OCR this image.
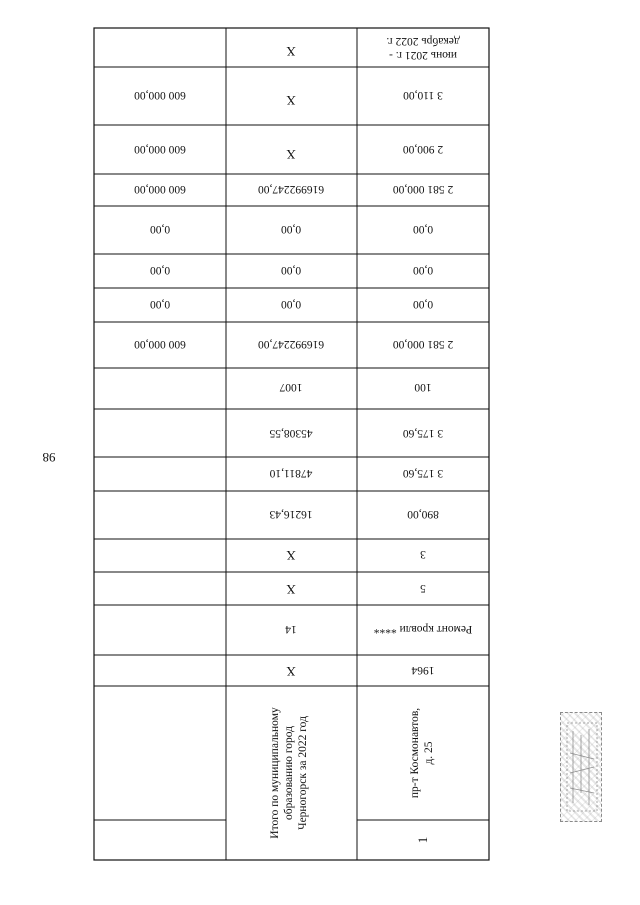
98
июнь 2021 г. -
декабрь 2022 г.
3 110,00
2 900,00
2 581 000,00
0,00
0,00
0,00
2 581 000,00
100
3 175,60
3 175,60
890,00
3
5
Ремонт кровли ****
1964
пр-т Космонавтов, д. 25
1
X
X
X
616992247,00
0,00
0,00
0,00
616992247,00
1007
45308,55
47811,10
16216,43
X
X
14
X
Итого по муниципальному образованию город Черногорск за 2022 год
600 000,00
600 000,00
600 000,00
0,00
0,00
0,00
600 000,00
